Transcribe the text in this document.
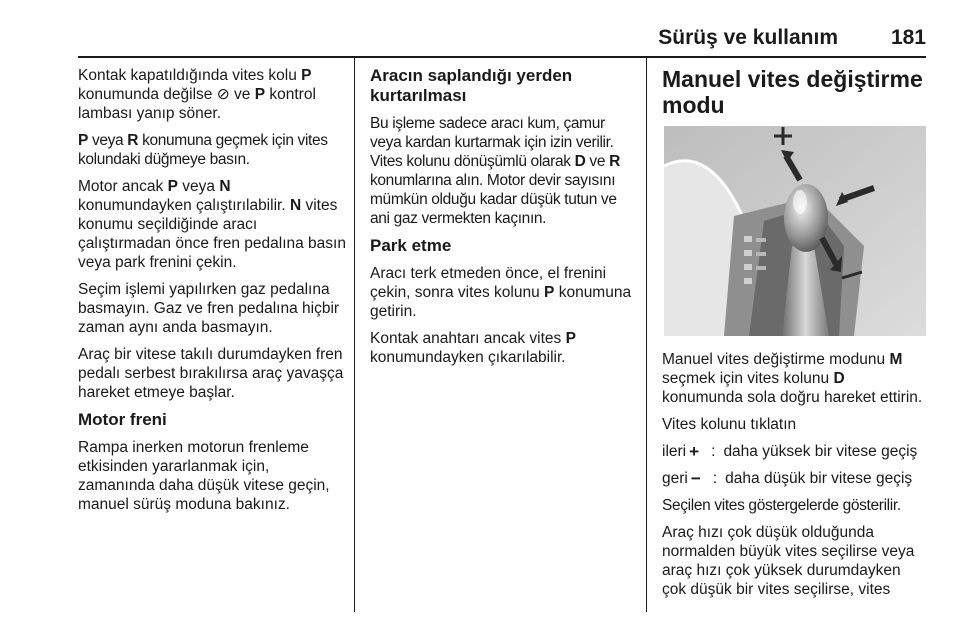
Sürüş ve kullanım	181

Kontak kapatıldığında vites kolu P konumunda değilse ⊘ ve P kontrol lambası yanıp söner.

P veya R konumuna geçmek için vites kolundaki düğmeye basın.

Motor ancak P veya N konumundayken çalıştırılabilir. N vites konumu seçildiğinde aracı çalıştırmadan önce fren pedalına basın veya park frenini çekin.

Seçim işlemi yapılırken gaz pedalına basmayın. Gaz ve fren pedalına hiçbir zaman aynı anda basmayın.

Araç bir vitese takılı durumdayken fren pedalı serbest bırakılırsa araç yavaşça hareket etmeye başlar.

Motor freni

Rampa inerken motorun frenleme etkisinden yararlanmak için, zamanında daha düşük vitese geçin, manuel sürüş moduna bakınız.

Aracın saplandığı yerden kurtarılması

Bu işleme sadece aracı kum, çamur veya kardan kurtarmak için izin verilir. Vites kolunu dönüşümlü olarak D ve R konumlarına alın. Motor devir sayısını mümkün olduğu kadar düşük tutun ve ani gaz vermekten kaçının.

Park etme

Aracı terk etmeden önce, el frenini çekin, sonra vites kolunu P konumuna getirin.

Kontak anahtarı ancak vites P konumundayken çıkarılabilir.

Manuel vites değiştirme modu

Manuel vites değiştirme modunu M seçmek için vites kolunu D konumunda sola doğru hareket ettirin.

Vites kolunu tıklatın

ileri + : daha yüksek bir vitese geçiş
geri − : daha düşük bir vitese geçiş

Seçilen vites göstergelerde gösterilir.

Araç hızı çok düşük olduğunda normalden büyük vites seçilirse veya araç hızı çok yüksek durumdayken çok düşük bir vites seçilirse, vites
